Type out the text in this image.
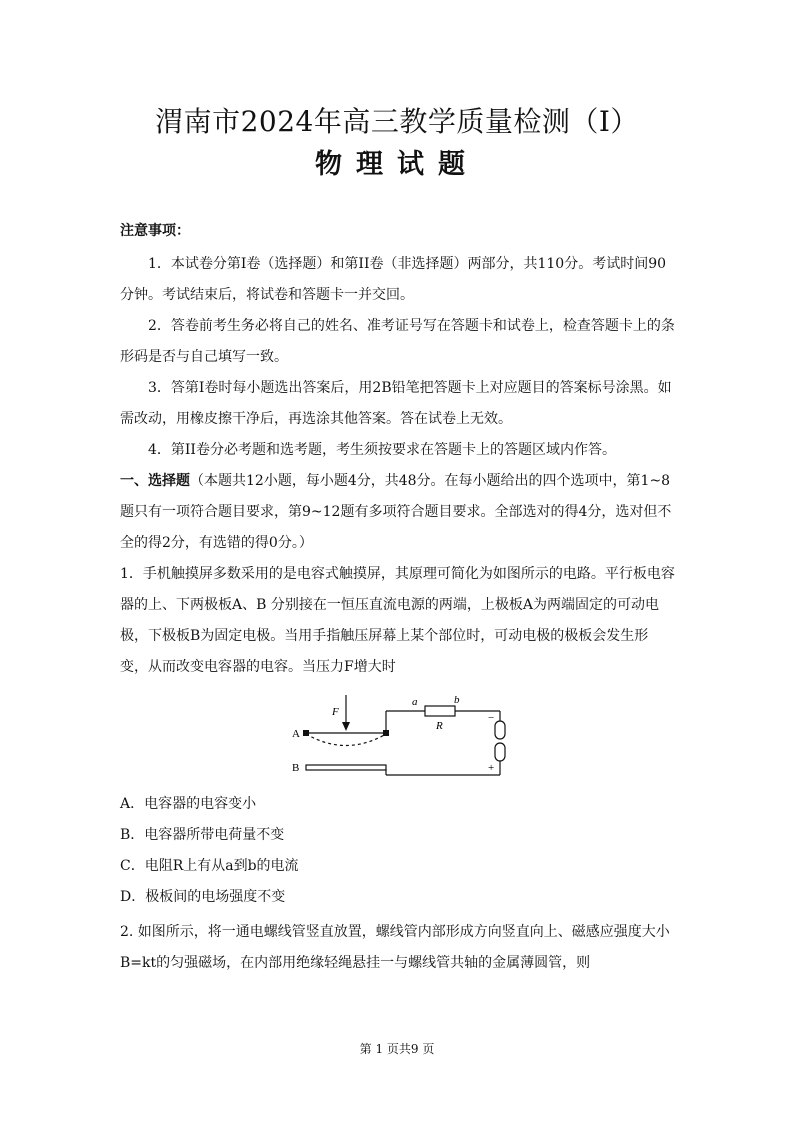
渭南市2024年高三教学质量检测（I）
物理试题

注意事项：

1．本试卷分第I卷（选择题）和第II卷（非选择题）两部分，共110分。考试时间90分钟。考试结束后，将试卷和答题卡一并交回。

2．答卷前考生务必将自己的姓名、准考证号写在答题卡和试卷上，检查答题卡上的条形码是否与自己填写一致。

3．答第I卷时每小题选出答案后，用2B铅笔把答题卡上对应题目的答案标号涂黑。如需改动，用橡皮擦干净后，再选涂其他答案。答在试卷上无效。

4．第II卷分必考题和选考题，考生须按要求在答题卡上的答题区域内作答。

一、选择题（本题共12小题，每小题4分，共48分。在每小题给出的四个选项中，第1~8题只有一项符合题目要求，第9~12题有多项符合题目要求。全部选对的得4分，选对但不全的得2分，有选错的得0分。）

1．手机触摸屏多数采用的是电容式触摸屏，其原理可简化为如图所示的电路。平行板电容器的上、下两极板A、B 分别接在一恒压直流电源的两端，上极板A为两端固定的可动电极，下极板B为固定电极。当用手指触压屏幕上某个部位时，可动电极的极板会发生形变，从而改变电容器的电容。当压力F增大时

F
A
B
a	b
R
−
+

A．电容器的电容变小

B．电容器所带电荷量不变

C．电阻R上有从a到b的电流

D．极板间的电场强度不变

2. 如图所示，将一通电螺线管竖直放置，螺线管内部形成方向竖直向上、磁感应强度大小B=kt的匀强磁场，在内部用绝缘轻绳悬挂一与螺线管共轴的金属薄圆管，则

第 1 页共9 页
